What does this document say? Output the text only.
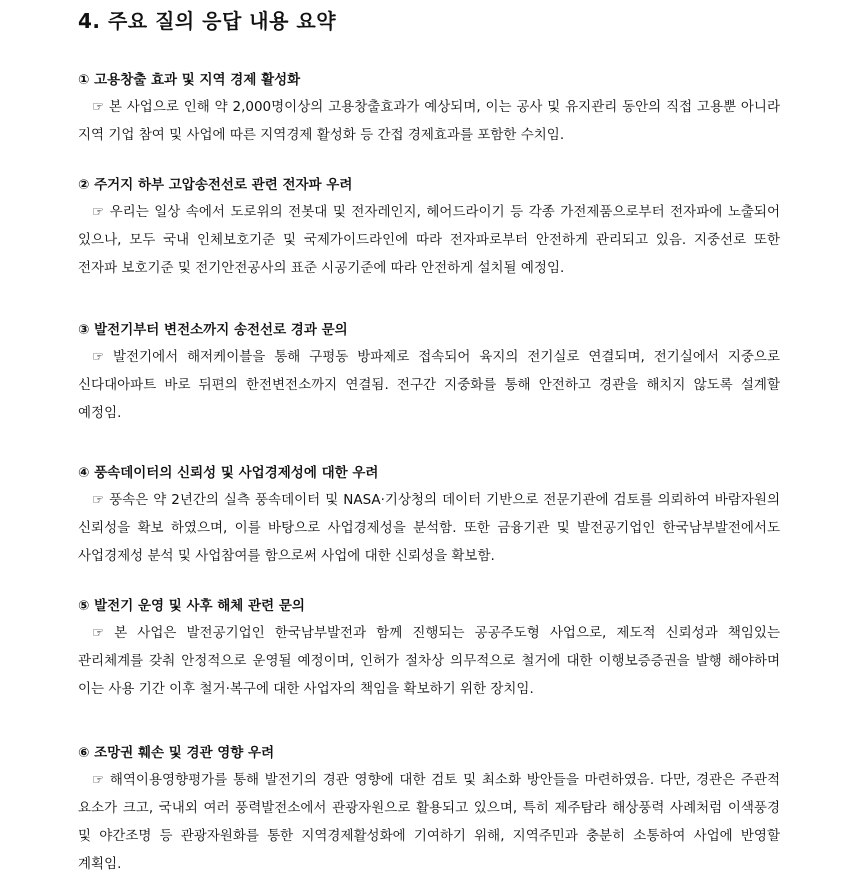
4. 주요 질의 응답 내용 요약
① 고용창출 효과 및 지역 경제 활성화

☞ 본 사업으로 인해 약 2,000명이상의 고용창출효과가 예상되며, 이는 공사 및 유지관리 동안의 직접 고용뿐 아니라 지역 기업 참여 및 사업에 따른 지역경제 활성화 등 간접 경제효과를 포함한 수치임.

② 주거지 하부 고압송전선로 관련 전자파 우려

☞ 우리는 일상 속에서 도로위의 전봇대 및 전자레인지, 헤어드라이기 등 각종 가전제품으로부터 전자파에 노출되어 있으나, 모두 국내 인체보호기준 및 국제가이드라인에 따라 전자파로부터 안전하게 관리되고 있음. 지중선로 또한 전자파 보호기준 및 전기안전공사의 표준 시공기준에 따라 안전하게 설치될 예정임.

③ 발전기부터 변전소까지 송전선로 경과 문의

☞ 발전기에서 해저케이블을 통해 구평동 방파제로 접속되어 육지의 전기실로 연결되며, 전기실에서 지중으로 신다대아파트 바로 뒤편의 한전변전소까지 연결됨. 전구간 지중화를 통해 안전하고 경관을 해치지 않도록 설계할 예정임.

④ 풍속데이터의 신뢰성 및 사업경제성에 대한 우려

☞ 풍속은 약 2년간의 실측 풍속데이터 및 NASA·기상청의 데이터 기반으로 전문기관에 검토를 의뢰하여 바람자원의 신뢰성을 확보 하였으며, 이를 바탕으로 사업경제성을 분석함. 또한 금융기관 및 발전공기업인 한국남부발전에서도 사업경제성 분석 및 사업참여를 함으로써 사업에 대한 신뢰성을 확보함.

⑤ 발전기 운영 및 사후 해체 관련 문의

☞ 본 사업은 발전공기업인 한국남부발전과 함께 진행되는 공공주도형 사업으로, 제도적 신뢰성과 책임있는 관리체계를 갖춰 안정적으로 운영될 예정이며, 인허가 절차상 의무적으로 철거에 대한 이행보증증권을 발행 해야하며 이는 사용 기간 이후 철거·복구에 대한 사업자의 책임을 확보하기 위한 장치임.

⑥ 조망권 훼손 및 경관 영향 우려

☞ 해역이용영향평가를 통해 발전기의 경관 영향에 대한 검토 및 최소화 방안들을 마련하였음. 다만, 경관은 주관적 요소가 크고, 국내외 여러 풍력발전소에서 관광자원으로 활용되고 있으며, 특히 제주탐라 해상풍력 사례처럼 이색풍경 및 야간조명 등 관광자원화를 통한 지역경제활성화에 기여하기 위해, 지역주민과 충분히 소통하여 사업에 반영할 계획임.
